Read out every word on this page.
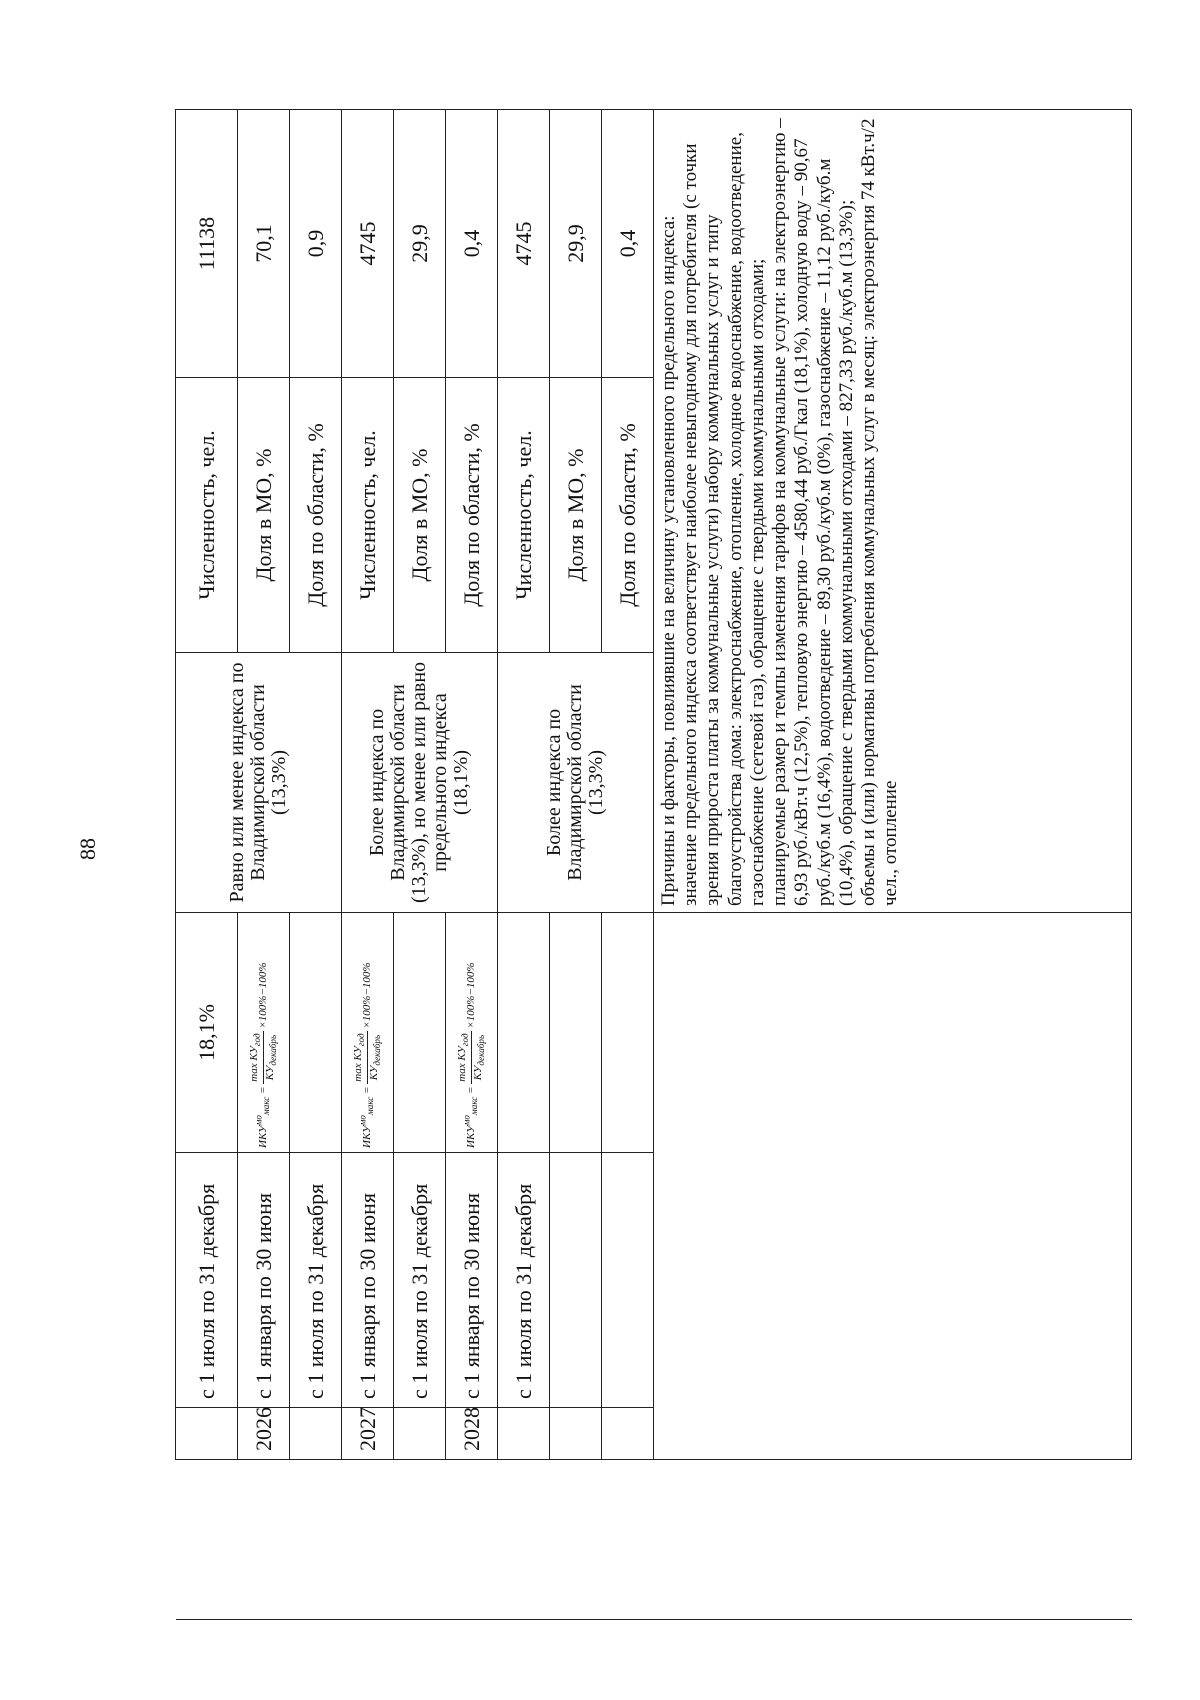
88
		с 1 июля по 31 декабря	18,1%	Равно или менее индекса по Владимирской области (13,3%)	Численность, чел.	11138
	2026	с 1 января по 30 июня	$ИКУ^{мо}_{макс}$ =
$\max КУ_{год}$
$КУ_{декабрь}$
×100%−100%		Доля в МО, %	70,1
		с 1 июля по 31 декабря			Доля по области, %	0,9
	2027	с 1 января по 30 июня	$ИКУ^{мо}_{макс}$ =
$\max КУ_{год}$
$КУ_{декабрь}$
×100%−100%	Более индекса по Владимирской области (13,3%), но менее или равно предельного индекса (18,1%)	Численность, чел.	4745
		с 1 июля по 31 декабря			Доля в МО, %	29,9
	2028	с 1 января по 30 июня	$ИКУ^{мо}_{макс}$ =
$\max КУ_{год}$
$КУ_{декабрь}$
×100%−100%		Доля по области, %	0,4
		с 1 июля по 31 декабря		Более индекса по Владимирской области (13,3%)	Численность, чел.	4745
					Доля в МО, %	29,9
					Доля по области, %	0,4

				Причины и факторы, повлиявшие на величину установленного предельного индекса: значение предельного индекса соответствует наиболее невыгодному для потребителя (с точки зрения прироста платы за коммунальные услуги) набору коммунальных услуг и типу благоустройства дома: электроснабжение, отопление, холодное водоснабжение, водоотведение, газоснабжение (сетевой газ), обращение с твердыми коммунальными отходами; планируемые размер и темпы изменения тарифов на коммунальные услуги: на электроэнергию – 6,93 руб./кВт.ч (12,5%), тепловую энергию – 4580,44 руб./Гкал (18,1%), холодную воду – 90,67 руб./куб.м (16,4%), водоотведение – 89,30 руб./куб.м (0%), газоснабжение – 11,12 руб./куб.м (10,4%), обращение с твердыми коммунальными отходами – 827,33 руб./куб.м (13,3%); объемы и (или) нормативы потребления коммунальных услуг в месяц: электроэнергия 74 кВт.ч/2 чел., отопление		
